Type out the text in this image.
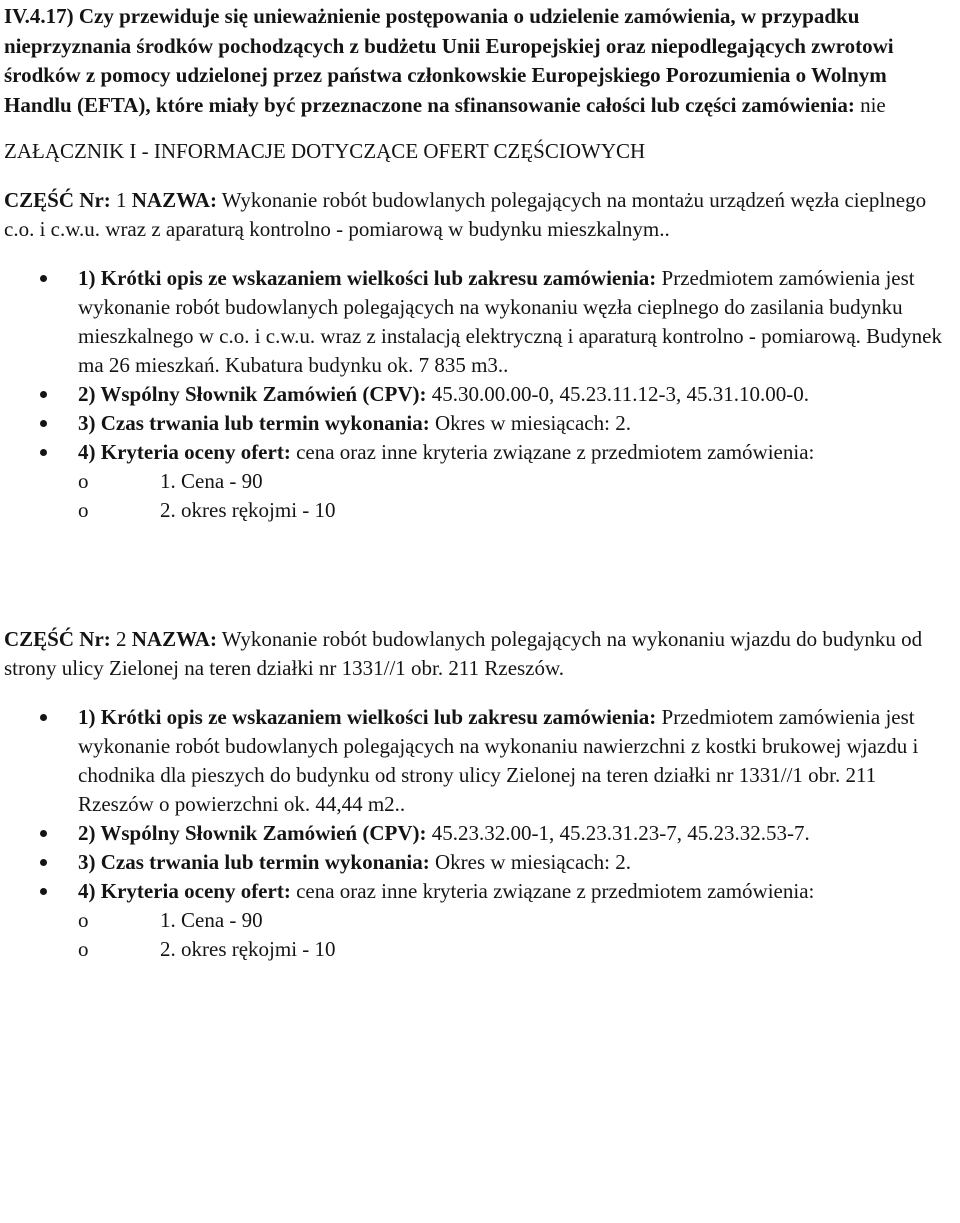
IV.4.17) Czy przewiduje się unieważnienie postępowania o udzielenie zamówienia, w przypadku nieprzyznania środków pochodzących z budżetu Unii Europejskiej oraz niepodlegających zwrotowi środków z pomocy udzielonej przez państwa członkowskie Europejskiego Porozumienia o Wolnym Handlu (EFTA), które miały być przeznaczone na sfinansowanie całości lub części zamówienia: nie

ZAŁĄCZNIK I - INFORMACJE DOTYCZĄCE OFERT CZĘŚCIOWYCH
CZĘŚĆ Nr: 1 NAZWA: Wykonanie robót budowlanych polegających na montażu urządzeń węzła cieplnego c.o. i c.w.u. wraz z aparaturą kontrolno - pomiarową w budynku mieszkalnym..
1) Krótki opis ze wskazaniem wielkości lub zakresu zamówienia: Przedmiotem zamówienia jest wykonanie robót budowlanych polegających na wykonaniu węzła cieplnego do zasilania budynku mieszkalnego w c.o. i c.w.u. wraz z instalacją elektryczną i aparaturą kontrolno - pomiarową. Budynek ma 26 mieszkań. Kubatura budynku ok. 7 835 m3..
2) Wspólny Słownik Zamówień (CPV): 45.30.00.00-0, 45.23.11.12-3, 45.31.10.00-0.
3) Czas trwania lub termin wykonania: Okres w miesiącach: 2.
4) Kryteria oceny ofert: cena oraz inne kryteria związane z przedmiotem zamówienia:
o	1. Cena - 90
o	2. okres rękojmi - 10
CZĘŚĆ Nr: 2 NAZWA: Wykonanie robót budowlanych polegających na wykonaniu wjazdu do budynku od strony ulicy Zielonej na teren działki nr 1331//1 obr. 211 Rzeszów.
1) Krótki opis ze wskazaniem wielkości lub zakresu zamówienia: Przedmiotem zamówienia jest wykonanie robót budowlanych polegających na wykonaniu nawierzchni z kostki brukowej wjazdu i chodnika dla pieszych do budynku od strony ulicy Zielonej na teren działki nr 1331//1 obr. 211 Rzeszów o powierzchni ok. 44,44 m2..
2) Wspólny Słownik Zamówień (CPV): 45.23.32.00-1, 45.23.31.23-7, 45.23.32.53-7.
3) Czas trwania lub termin wykonania: Okres w miesiącach: 2.
4) Kryteria oceny ofert: cena oraz inne kryteria związane z przedmiotem zamówienia:
o	1. Cena - 90
o	2. okres rękojmi - 10
